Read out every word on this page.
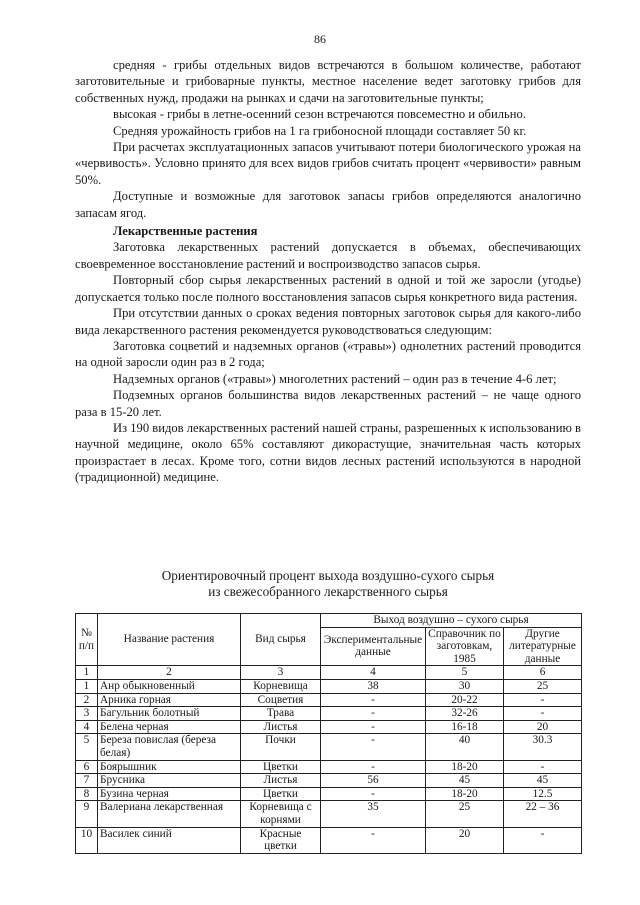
86

средняя - грибы отдельных видов встречаются в большом количестве, работают заготовительные и грибоварные пункты, местное население ведет заготовку грибов для собственных нужд, продажи на рынках и сдачи на заготовительные пункты;

высокая - грибы в летне-осенний сезон встречаются повсеместно и обильно.

Средняя урожайность грибов на 1 га грибоносной площади составляет 50 кг.

При расчетах эксплуатационных запасов учитывают потери биологического урожая на «червивость». Условно принято для всех видов грибов считать процент «червивости» равным 50%.

Доступные и возможные для заготовок запасы грибов определяются аналогично запасам ягод.

Лекарственные растения

Заготовка лекарственных растений допускается в объемах, обеспечивающих своевременное восстановление растений и воспроизводство запасов сырья.

Повторный сбор сырья лекарственных растений в одной и той же заросли (угодье) допускается только после полного восстановления запасов сырья конкретного вида растения.

При отсутствии данных о сроках ведения повторных заготовок сырья для какого-либо вида лекарственного растения рекомендуется руководствоваться следующим:

Заготовка соцветий и надземных органов («травы») однолетних растений проводится на одной заросли один раз в 2 года;

Надземных органов («травы») многолетних растений – один раз в течение 4-6 лет;

Подземных органов большинства видов лекарственных растений – не чаще одного раза в 15-20 лет.

Из 190 видов лекарственных растений нашей страны, разрешенных к использованию в научной медицине, около 65% составляют дикорастущие, значительная часть которых произрастает в лесах. Кроме того, сотни видов лесных растений используются в народной (традиционной) медицине.

Ориентировочный процент выхода воздушно-сухого сырья
из свежесобранного лекарственного сырья
№ п/п	Название растения	Вид сырья	Выход воздушно – сухого сырья		
			Экспериментальные данные	Справочник по заготовкам, 1985	Другие литературные данные
1	2	3	4	5	6
1	Анр обыкновенный	Корневища	38	30	25
2	Арника горная	Соцветия	-	20-22	-
3	Багульник болотный	Трава	-	32-26	-
4	Белена черная	Листья	-	16-18	20
5	Береза повислая (береза белая)	Почки	-	40	30.3
6	Боярышник	Цветки	-	18-20	-
7	Брусника	Листья	56	45	45
8	Бузина черная	Цветки	-	18-20	12.5
9	Валериана лекарственная	Корневища с корнями	35	25	22 – 36
10	Василек синий	Красные цветки	-	20	-
